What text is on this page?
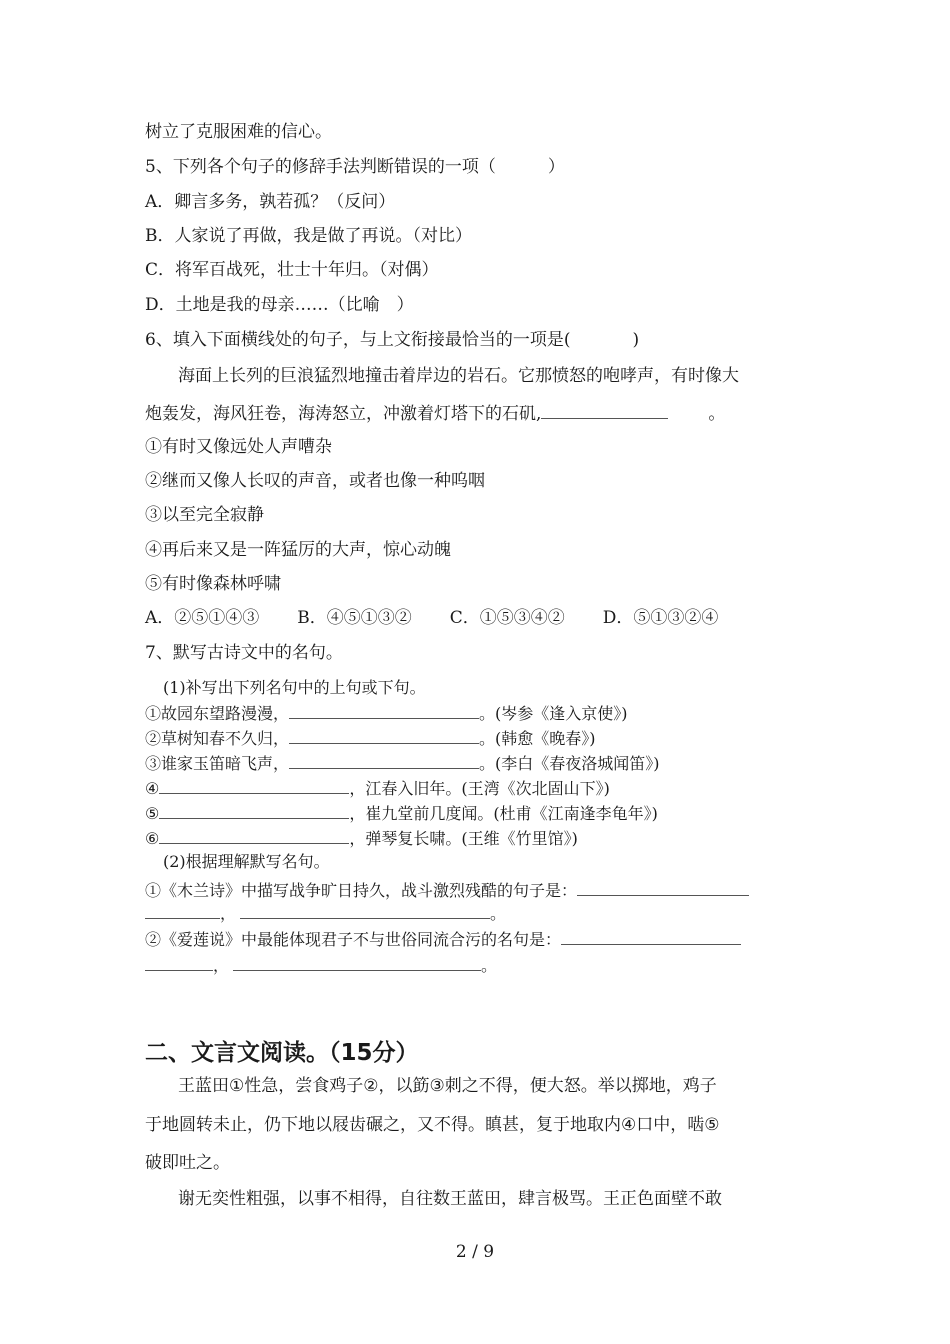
树立了克服困难的信心。
5、下列各个句子的修辞手法判断错误的一项（	）
A．卿言多务，孰若孤？（反问）
B．人家说了再做，我是做了再说。（对比）
C．将军百战死，壮士十年归。（对偶）
D．土地是我的母亲……（比喻　）
6、填入下面横线处的句子，与上文衔接最恰当的一项是(	)
海面上长列的巨浪猛烈地撞击着岸边的岩石。它那愤怒的咆哮声，有时像大
炮轰发，海风狂卷，海涛怒立，冲激着灯塔下的石矶,	。
①有时又像远处人声嘈杂
②继而又像人长叹的声音，或者也像一种呜咽
③以至完全寂静
④再后来又是一阵猛厉的大声，惊心动魄
⑤有时像森林呼啸
A．②⑤①④③ B．④⑤①③② C．①⑤③④② D．⑤①③②④
7、默写古诗文中的名句。
(1)补写出下列名句中的上句或下句。
①故园东望路漫漫，	。(岑参《逢入京使》)
②草树知春不久归，	。(韩愈《晚春》)
③谁家玉笛暗飞声，	。(李白《春夜洛城闻笛》)
④	，江春入旧年。(王湾《次北固山下》)
⑤	，崔九堂前几度闻。(杜甫《江南逢李龟年》)
⑥	，弹琴复长啸。(王维《竹里馆》)
(2)根据理解默写名句。
①《木兰诗》中描写战争旷日持久，战斗激烈残酷的句子是：
，	。
②《爱莲说》中最能体现君子不与世俗同流合污的名句是：
，	。
二、文言文阅读。（15分）
王蓝田①性急，尝食鸡子②，以筯③刺之不得，便大怒。举以掷地，鸡子
于地圆转未止，仍下地以屐齿碾之，又不得。瞋甚，复于地取内④口中，啮⑤
破即吐之。
谢无奕性粗强，以事不相得，自往数王蓝田，肆言极骂。王正色面壁不敢
2 / 9
